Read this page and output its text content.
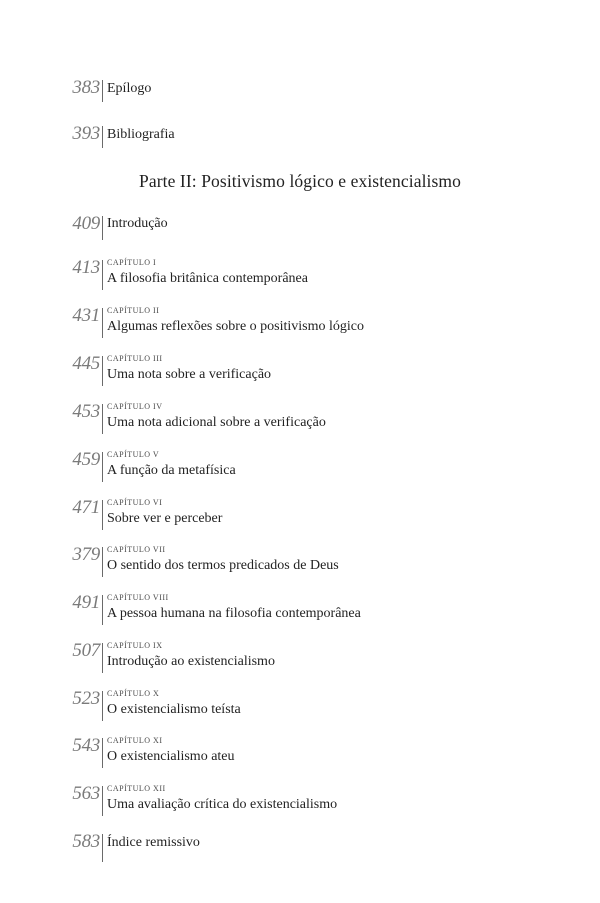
383 Epílogo
393 Bibliografia
Parte II: Positivismo lógico e existencialismo
409 Introdução
413 CAPÍTULO I
A filosofia britânica contemporânea
431 CAPÍTULO II
Algumas reflexões sobre o positivismo lógico
445 CAPÍTULO III
Uma nota sobre a verificação
453 CAPÍTULO IV
Uma nota adicional sobre a verificação
459 CAPÍTULO V
A função da metafísica
471 CAPÍTULO VI
Sobre ver e perceber
379 CAPÍTULO VII
O sentido dos termos predicados de Deus
491 CAPÍTULO VIII
A pessoa humana na filosofia contemporânea
507 CAPÍTULO IX
Introdução ao existencialismo
523 CAPÍTULO X
O existencialismo teísta
543 CAPÍTULO XI
O existencialismo ateu
563 CAPÍTULO XII
Uma avaliação crítica do existencialismo
583 Índice remissivo
